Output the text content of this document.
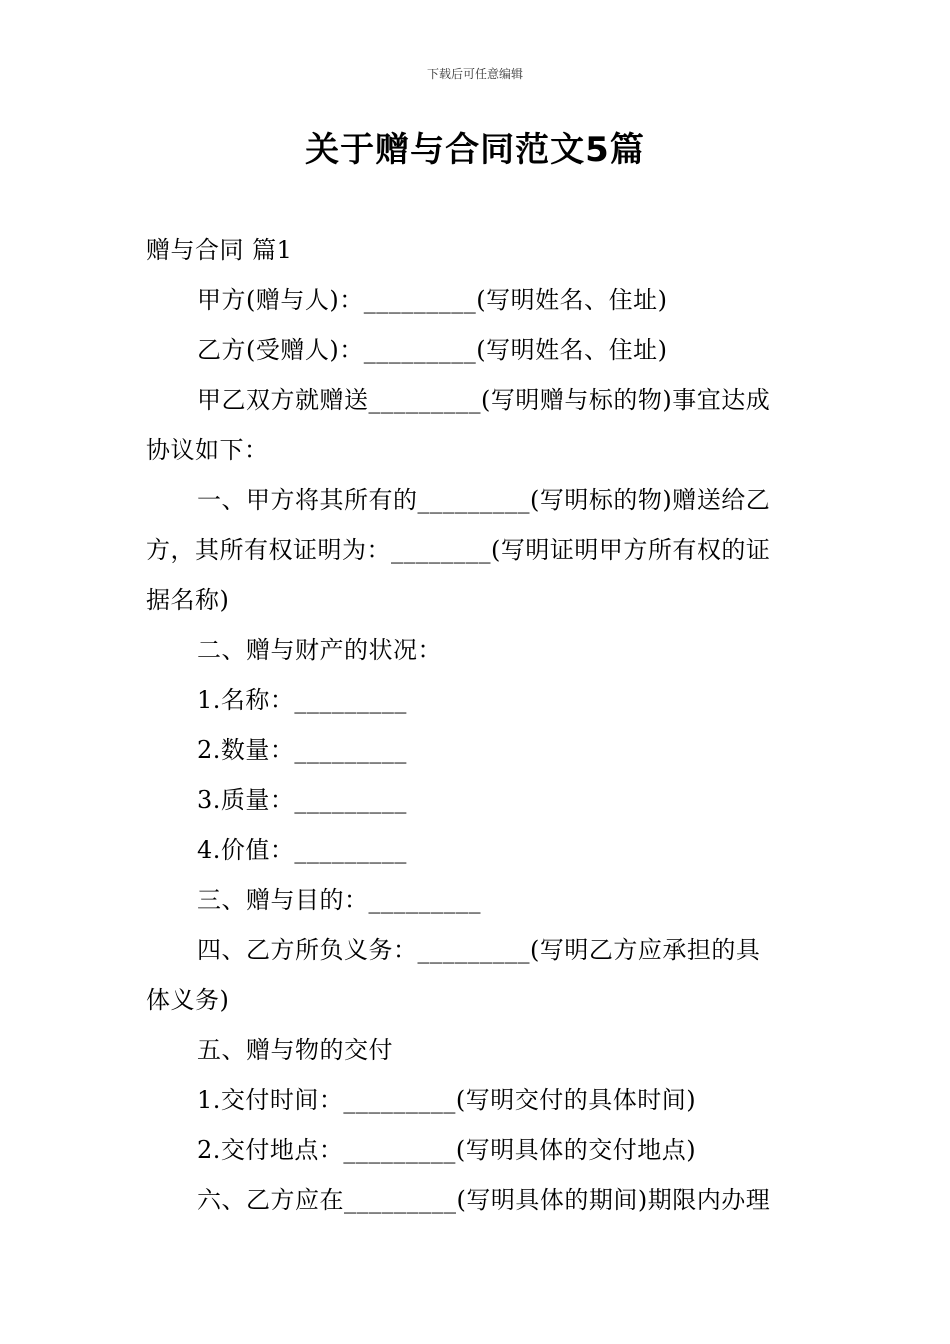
下载后可任意编辑
关于赠与合同范文5篇
赠与合同 篇1
甲方(赠与人)：_________(写明姓名、住址)
乙方(受赠人)：_________(写明姓名、住址)
甲乙双方就赠送_________(写明赠与标的物)事宜达成
协议如下：
一、甲方将其所有的_________(写明标的物)赠送给乙
方，其所有权证明为：________(写明证明甲方所有权的证
据名称)
二、赠与财产的状况：
1.名称：_________
2.数量：_________
3.质量：_________
4.价值：_________
三、赠与目的：_________
四、乙方所负义务：_________(写明乙方应承担的具
体义务)
五、赠与物的交付
1.交付时间：_________(写明交付的具体时间)
2.交付地点：_________(写明具体的交付地点)
六、乙方应在_________(写明具体的期间)期限内办理
